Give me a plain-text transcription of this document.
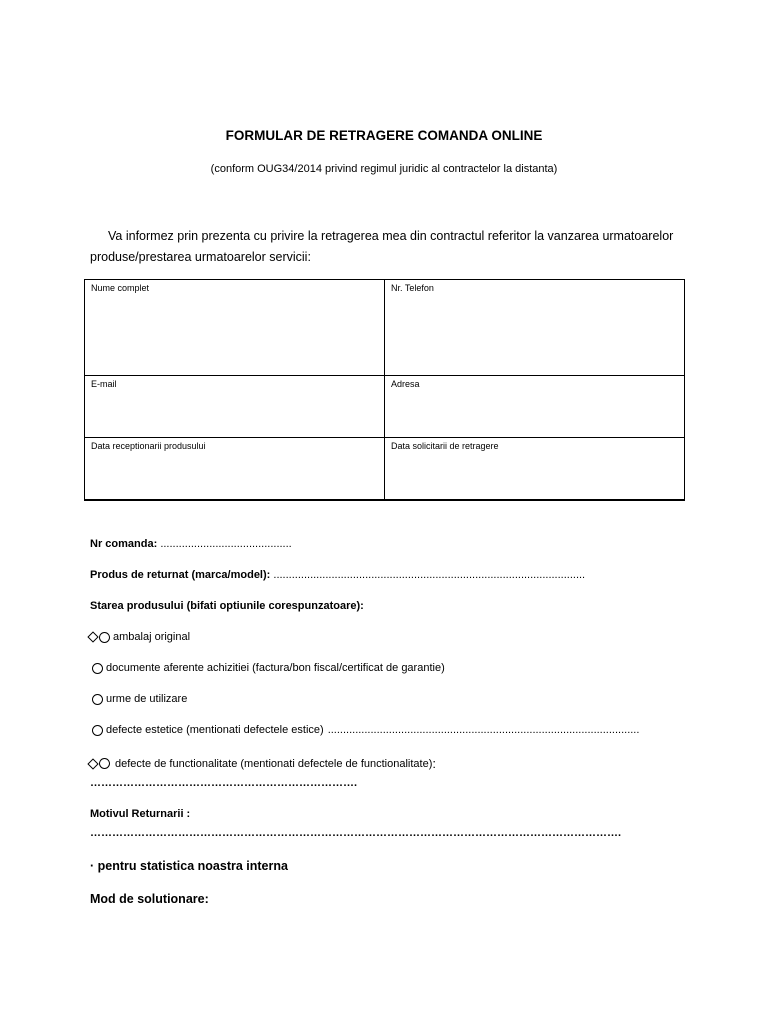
FORMULAR DE RETRAGERE COMANDA ONLINE
(conform OUG34/2014 privind regimul juridic al contractelor la distanta)
Va informez prin prezenta cu privire la retragerea mea din contractul referitor la vanzarea urmatoarelor produse/prestarea urmatoarelor servicii:
Nume complet	Nr. Telefon
E-mail	Adresa
Data receptionarii produsului	Data solicitarii de retragere
Nr comanda: ...........................................
Produs de returnat (marca/model): ......................................................................................................
Starea produsului (bifati optiunile corespunzatoare):
ambalaj original
documente aferente achizitiei (factura/bon fiscal/certificat de garantie)
urme de utilizare
defecte estetice (mentionati defectele estice) ......................................................................................................
defecte de functionalitate (mentionati defectele de functionalitate) :
……………………………………………………………….
Motivul Returnarii :
……………………………………………………………………………………………………………………………….
· pentru statistica noastra interna
Mod de solutionare:
